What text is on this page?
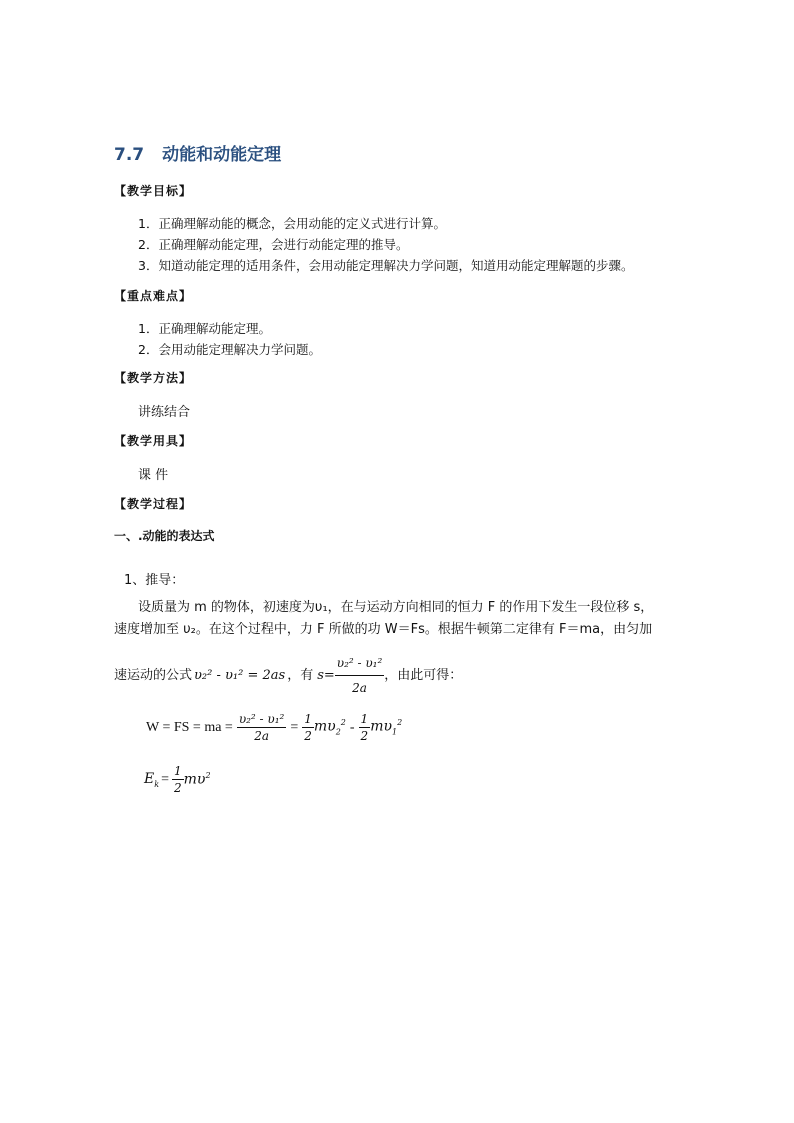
7.7 动能和动能定理
【教学目标】
1．正确理解动能的概念，会用动能的定义式进行计算。
2．正确理解动能定理，会进行动能定理的推导。
3．知道动能定理的适用条件，会用动能定理解决力学问题，知道用动能定理解题的步骤。
【重点难点】
1．正确理解动能定理。
2．会用动能定理解决力学问题。
【教学方法】
讲练结合
【教学用具】
课 件
【教学过程】
一、.动能的表达式
1、推导：
设质量为 m 的物体，初速度为υ₁，在与运动方向相同的恒力 F 的作用下发生一段位移 s，
速度增加至 υ₂。在这个过程中，力 F 所做的功 W＝Fs。根据牛顿第二定律有 F＝ma，由匀加
速运动的公式 υ₂² - υ₁² = 2as ，有 $s= \frac{\text{υ₂² - υ₁²}}{2a}$ ，由此可得：
W = FS = ma = $\frac{\text{υ₂² - υ₁²}}{2a} = \frac{1}{2} m\upsilon_2^2 - \frac{1}{2} m\upsilon_1^2$
$E_k = \frac{1}{2} m\upsilon^2$
